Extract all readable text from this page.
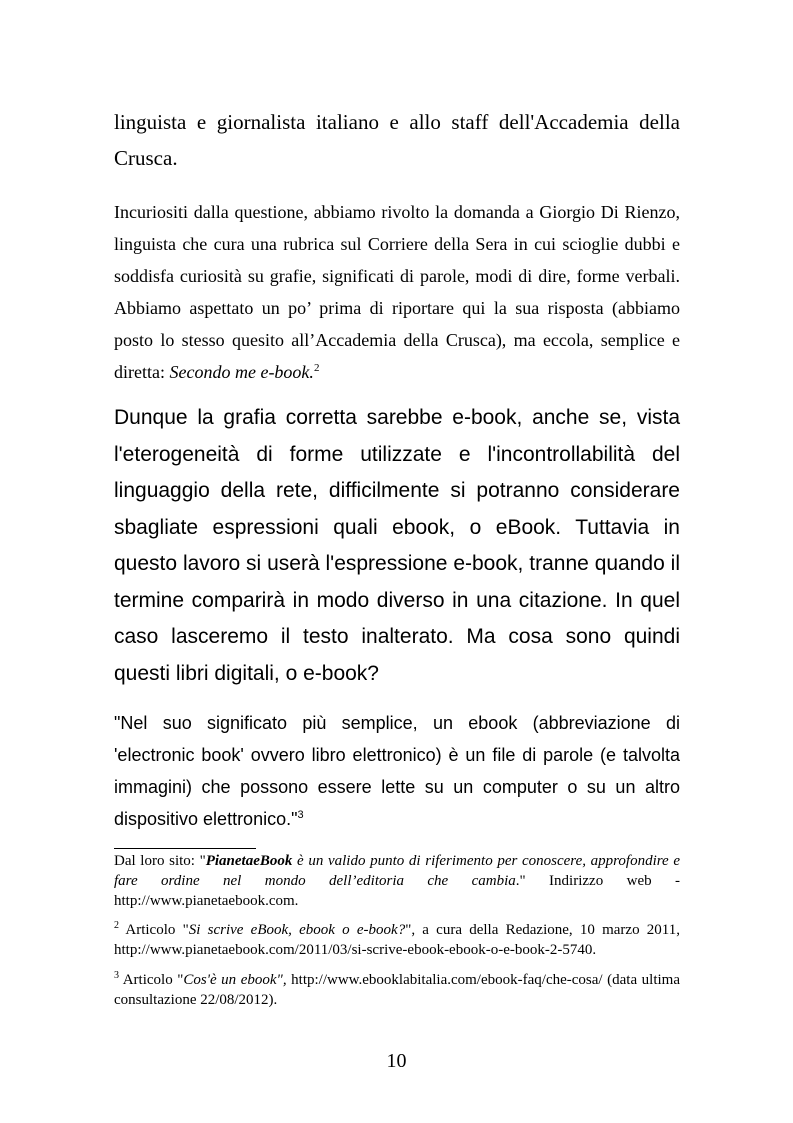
linguista e giornalista italiano e allo staff dell'Accademia della Crusca.

Incuriositi dalla questione, abbiamo rivolto la domanda a Giorgio Di Rienzo, linguista che cura una rubrica sul Corriere della Sera in cui scioglie dubbi e soddisfa curiosità su grafie, significati di parole, modi di dire, forme verbali. Abbiamo aspettato un po’ prima di riportare qui la sua risposta (abbiamo posto lo stesso quesito all’Accademia della Crusca), ma eccola, semplice e diretta: Secondo me e-book.$^2$

Dunque la grafia corretta sarebbe e-book, anche se, vista l'eterogeneità di forme utilizzate e l'incontrollabilità del linguaggio della rete, difficilmente si potranno considerare sbagliate espressioni quali ebook, o eBook. Tuttavia in questo lavoro si userà l'espressione e-book, tranne quando il termine comparirà in modo diverso in una citazione. In quel caso lasceremo il testo inalterato. Ma cosa sono quindi questi libri digitali, o e-book?

"Nel suo significato più semplice, un ebook (abbreviazione di 'electronic book' ovvero libro elettronico) è un file di parole (e talvolta immagini) che possono essere lette su un computer o su un altro dispositivo elettronico."$^3$

Dal loro sito: "PianetaeBook è un valido punto di riferimento per conoscere, approfondire e fare ordine nel mondo dell’editoria che cambia." Indirizzo web - http://www.pianetaebook.com.

$^2$ Articolo "Si scrive eBook, ebook o e-book?", a cura della Redazione, 10 marzo 2011, http://www.pianetaebook.com/2011/03/si-scrive-ebook-ebook-o-e-book-2-5740.

$^3$ Articolo "Cos'è un ebook", http://www.ebooklabitalia.com/ebook-faq/che-cosa/ (data ultima consultazione 22/08/2012).

10
